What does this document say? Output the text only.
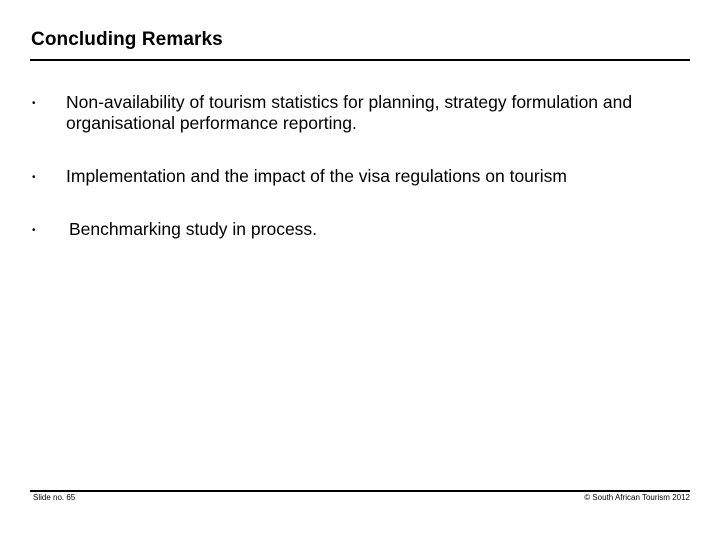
Concluding Remarks
• Non-availability of tourism statistics for planning, strategy formulation and organisational performance reporting.
• Implementation and the impact of the visa regulations on tourism
• Benchmarking study in process.
Slide no. 65	© South African Tourism 2012
